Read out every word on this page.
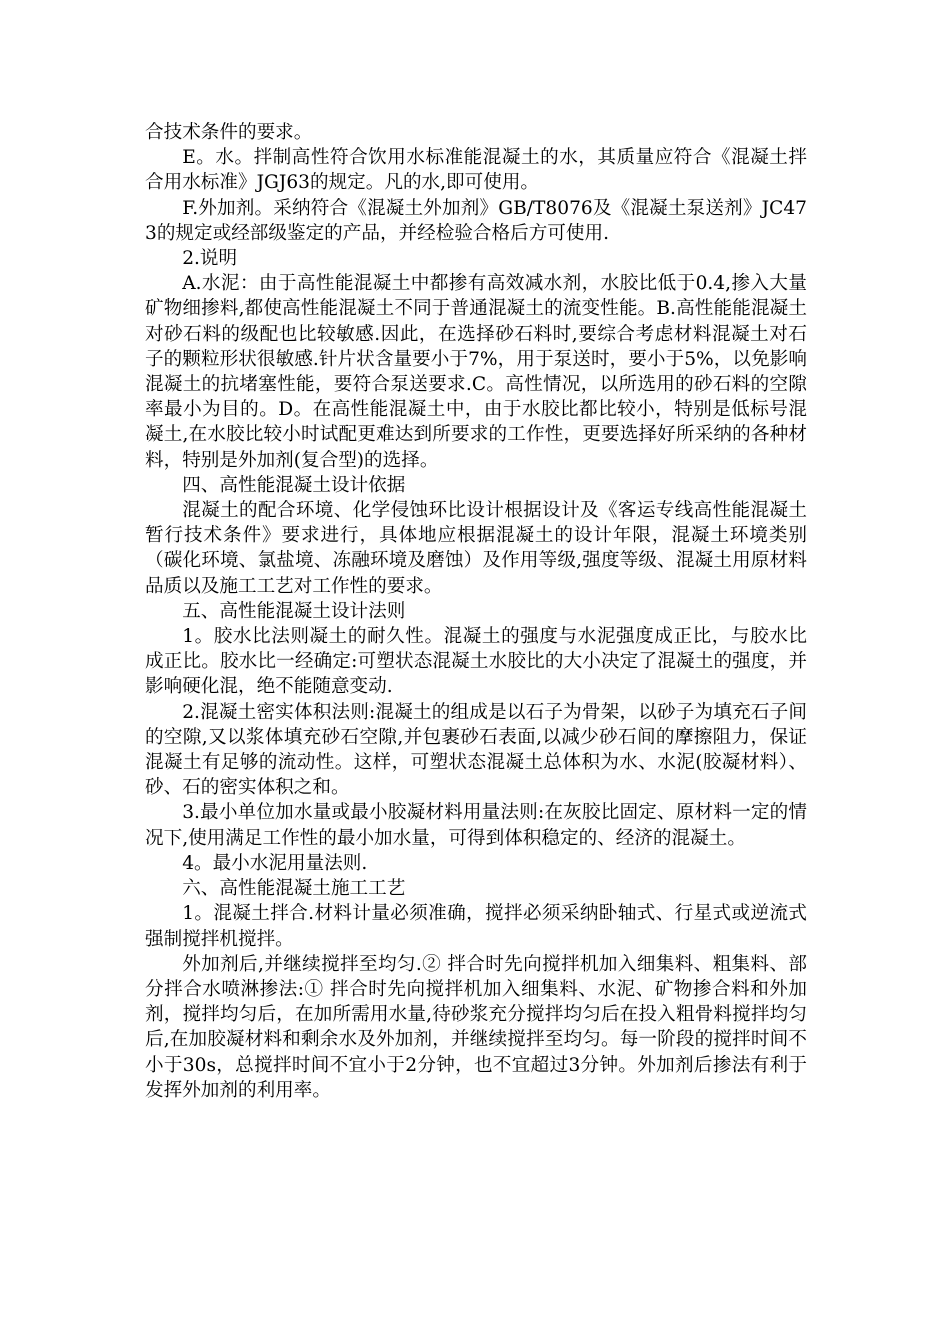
合技术条件的要求。

E。水。拌制高性符合饮用水标准能混凝土的水，其质量应符合《混凝土拌合用水标准》JGJ63的规定。凡的水,即可使用。

F.外加剂。采纳符合《混凝土外加剂》GB/T8076及《混凝土泵送剂》JC473的规定或经部级鉴定的产品，并经检验合格后方可使用.

2.说明

A.水泥：由于高性能混凝土中都掺有高效减水剂，水胶比低于0.4,掺入大量矿物细掺料,都使高性能混凝土不同于普通混凝土的流变性能。B.高性能能混凝土对砂石料的级配也比较敏感.因此，在选择砂石料时,要综合考虑材料混凝土对石子的颗粒形状很敏感.针片状含量要小于7%，用于泵送时，要小于5%，以免影响混凝土的抗堵塞性能，要符合泵送要求.C。高性情况，以所选用的砂石料的空隙率最小为目的。D。在高性能混凝土中，由于水胶比都比较小，特别是低标号混凝土,在水胶比较小时试配更难达到所要求的工作性，更要选择好所采纳的各种材料，特别是外加剂(复合型)的选择。

四、高性能混凝土设计依据

混凝土的配合环境、化学侵蚀环比设计根据设计及《客运专线高性能混凝土暂行技术条件》要求进行，具体地应根据混凝土的设计年限，混凝土环境类别（碳化环境、氯盐境、冻融环境及磨蚀）及作用等级,强度等级、混凝土用原材料品质以及施工工艺对工作性的要求。

五、高性能混凝土设计法则

1。胶水比法则凝土的耐久性。混凝土的强度与水泥强度成正比，与胶水比成正比。胶水比一经确定:可塑状态混凝土水胶比的大小决定了混凝土的强度，并影响硬化混，绝不能随意变动.

2.混凝土密实体积法则:混凝土的组成是以石子为骨架，以砂子为填充石子间的空隙,又以浆体填充砂石空隙,并包裹砂石表面,以减少砂石间的摩擦阻力，保证混凝土有足够的流动性。这样，可塑状态混凝土总体积为水、水泥(胶凝材料）、砂、石的密实体积之和。

3.最小单位加水量或最小胶凝材料用量法则:在灰胶比固定、原材料一定的情况下,使用满足工作性的最小加水量，可得到体积稳定的、经济的混凝土。

4。最小水泥用量法则.

六、高性能混凝土施工工艺

1。混凝土拌合.材料计量必须准确，搅拌必须采纳卧轴式、行星式或逆流式强制搅拌机搅拌。

外加剂后,并继续搅拌至均匀.② 拌合时先向搅拌机加入细集料、粗集料、部分拌合水喷淋掺法:① 拌合时先向搅拌机加入细集料、水泥、矿物掺合料和外加剂，搅拌均匀后，在加所需用水量,待砂浆充分搅拌均匀后在投入粗骨料搅拌均匀后,在加胶凝材料和剩余水及外加剂，并继续搅拌至均匀。每一阶段的搅拌时间不小于30s，总搅拌时间不宜小于2分钟，也不宜超过3分钟。外加剂后掺法有利于发挥外加剂的利用率。
